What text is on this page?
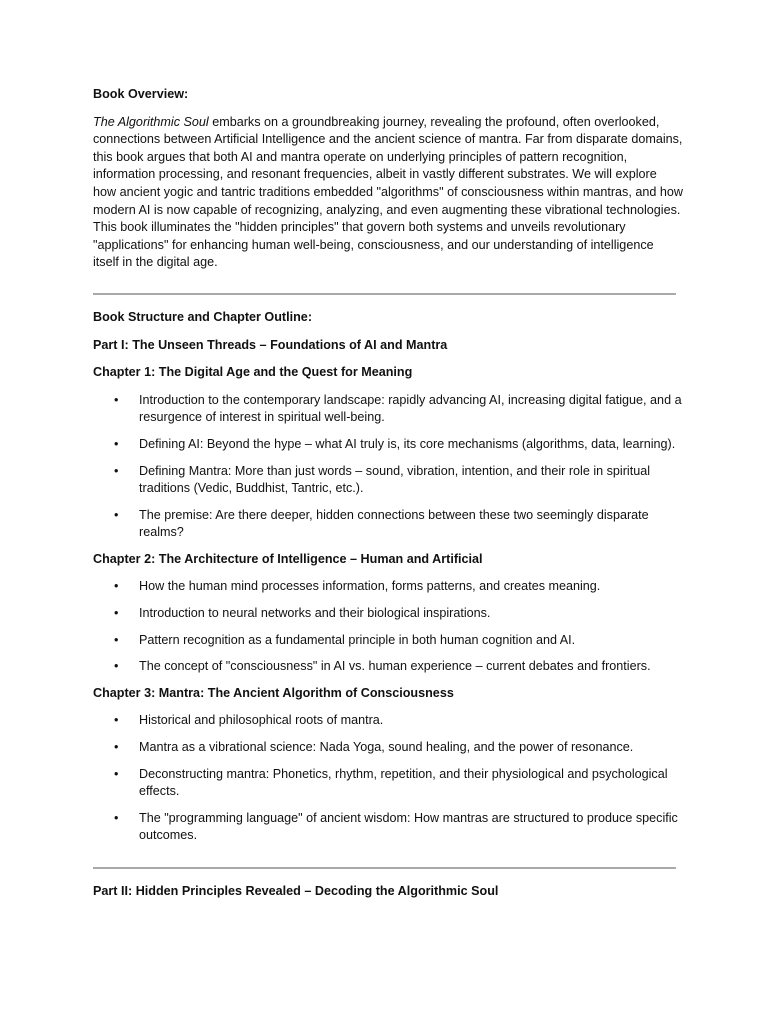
Book Overview:

The Algorithmic Soul embarks on a groundbreaking journey, revealing the profound, often overlooked, connections between Artificial Intelligence and the ancient science of mantra. Far from disparate domains, this book argues that both AI and mantra operate on underlying principles of pattern recognition, information processing, and resonant frequencies, albeit in vastly different substrates. We will explore how ancient yogic and tantric traditions embedded "algorithms" of consciousness within mantras, and how modern AI is now capable of recognizing, analyzing, and even augmenting these vibrational technologies. This book illuminates the "hidden principles" that govern both systems and unveils revolutionary "applications" for enhancing human well-being, consciousness, and our understanding of intelligence itself in the digital age.

Book Structure and Chapter Outline:

Part I: The Unseen Threads – Foundations of AI and Mantra

Chapter 1: The Digital Age and the Quest for Meaning

• Introduction to the contemporary landscape: rapidly advancing AI, increasing digital fatigue, and a resurgence of interest in spiritual well-being.
• Defining AI: Beyond the hype – what AI truly is, its core mechanisms (algorithms, data, learning).
• Defining Mantra: More than just words – sound, vibration, intention, and their role in spiritual traditions (Vedic, Buddhist, Tantric, etc.).
• The premise: Are there deeper, hidden connections between these two seemingly disparate realms?

Chapter 2: The Architecture of Intelligence – Human and Artificial

• How the human mind processes information, forms patterns, and creates meaning.
• Introduction to neural networks and their biological inspirations.
• Pattern recognition as a fundamental principle in both human cognition and AI.
• The concept of "consciousness" in AI vs. human experience – current debates and frontiers.

Chapter 3: Mantra: The Ancient Algorithm of Consciousness

• Historical and philosophical roots of mantra.
• Mantra as a vibrational science: Nada Yoga, sound healing, and the power of resonance.
• Deconstructing mantra: Phonetics, rhythm, repetition, and their physiological and psychological effects.
• The "programming language" of ancient wisdom: How mantras are structured to produce specific outcomes.

Part II: Hidden Principles Revealed – Decoding the Algorithmic Soul
